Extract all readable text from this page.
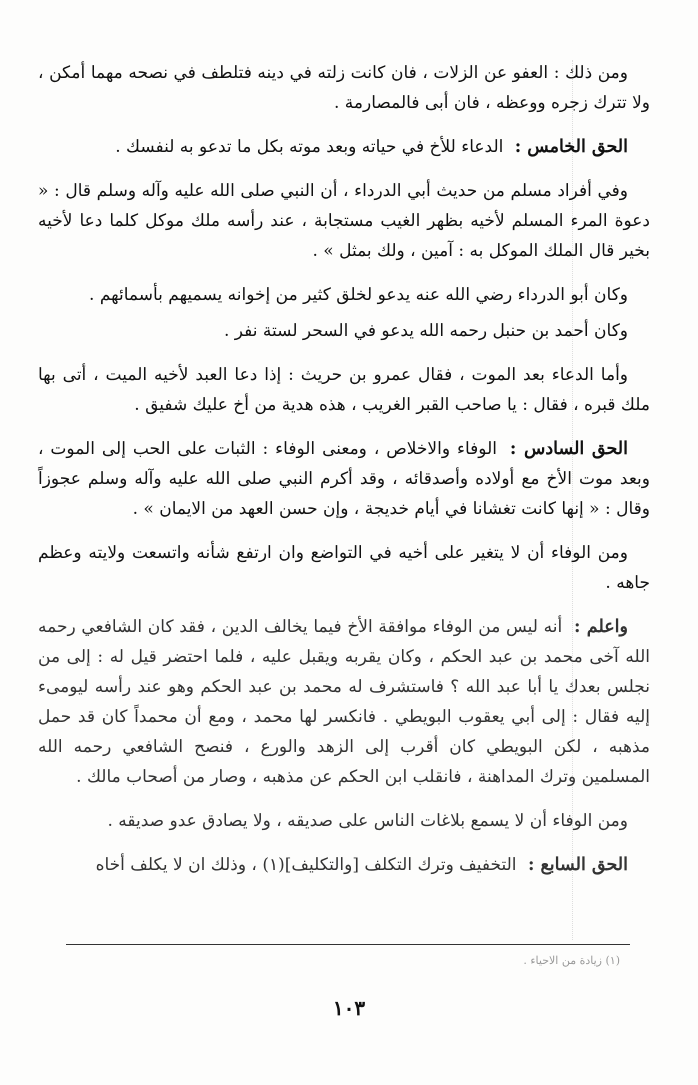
ومن ذلك : العفو عن الزلات ، فان كانت زلته في دينه فتلطف في نصحه مهما أمكن ، ولا تترك زجره ووعظه ، فان أبى فالمصارمة .

الحق الخامس : الدعاء للأخ في حياته وبعد موته بكل ما تدعو به لنفسك .

وفي أفراد مسلم من حديث أبي الدرداء ، أن النبي صلى الله عليه وآله وسلم قال : « دعوة المرء المسلم لأخيه بظهر الغيب مستجابة ، عند رأسه ملك موكل كلما دعا لأخيه بخير قال الملك الموكل به : آمين ، ولك بمثل » .

وكان أبو الدرداء رضي الله عنه يدعو لخلق كثير من إخوانه يسميهم بأسمائهم .

وكان أحمد بن حنبل رحمه الله يدعو في السحر لستة نفر .

وأما الدعاء بعد الموت ، فقال عمرو بن حريث : إذا دعا العبد لأخيه الميت ، أتى بها ملك قبره ، فقال : يا صاحب القبر الغريب ، هذه هدية من أخ عليك شفيق .

الحق السادس : الوفاء والاخلاص ، ومعنى الوفاء : الثبات على الحب إلى الموت ، وبعد موت الأخ مع أولاده وأصدقائه ، وقد أكرم النبي صلى الله عليه وآله وسلم عجوزاً وقال : « إنها كانت تغشانا في أيام خديجة ، وإن حسن العهد من الايمان » .

ومن الوفاء أن لا يتغير على أخيه في التواضع وان ارتفع شأنه واتسعت ولايته وعظم جاهه .

واعلم : أنه ليس من الوفاء موافقة الأخ فيما يخالف الدين ، فقد كان الشافعي رحمه الله آخى محمد بن عبد الحكم ، وكان يقربه ويقبل عليه ، فلما احتضر قيل له : إلى من نجلس بعدك يا أبا عبد الله ؟ فاستشرف له محمد بن عبد الحكم وهو عند رأسه ليومىء إليه فقال : إلى أبي يعقوب البويطي . فانكسر لها محمد ، ومع أن محمداً كان قد حمل مذهبه ، لكن البويطي كان أقرب إلى الزهد والورع ، فنصح الشافعي رحمه الله المسلمين وترك المداهنة ، فانقلب ابن الحكم عن مذهبه ، وصار من أصحاب مالك .

ومن الوفاء أن لا يسمع بلاغات الناس على صديقه ، ولا يصادق عدو صديقه .

الحق السابع : التخفيف وترك التكلف [والتكليف](١) ، وذلك ان لا يكلف أخاه

(١) زيادة من الاحياء .
١٠٣
